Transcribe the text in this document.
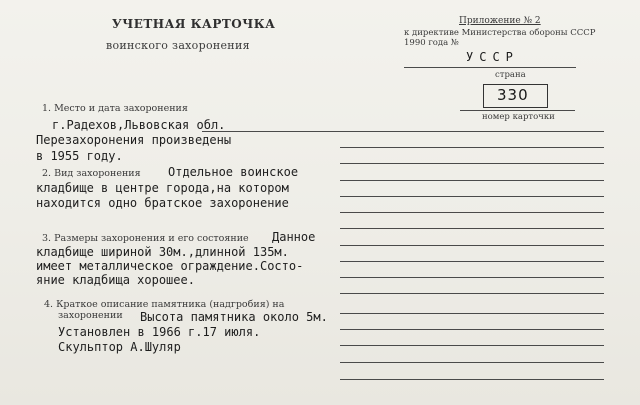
УЧЕТНАЯ КАРТОЧКА
воинского захоронения
Приложение № 2
к директиве Министерства обороны СССР
1990 года №
УССР
страна
330
номер карточки
1. Место и дата захоронения
г.Радехов,Львовская обл.
Перезахоронения произведены
в 1955 году.
2. Вид захоронения Отдельное воинское
кладбище в центре города,на котором
находится одно братское захоронение
3. Размеры захоронения и его состояние Данное
кладбище шириной 30м.,длинной 135м.
имеет металлическое ограждение.Состо-
яние кладбища хорошее.
4. Краткое описание памятника (надгробия) на
захоронении Высота памятника около 5м.
Установлен в 1966 г.17 июля.
Скульптор А.Шуляр
